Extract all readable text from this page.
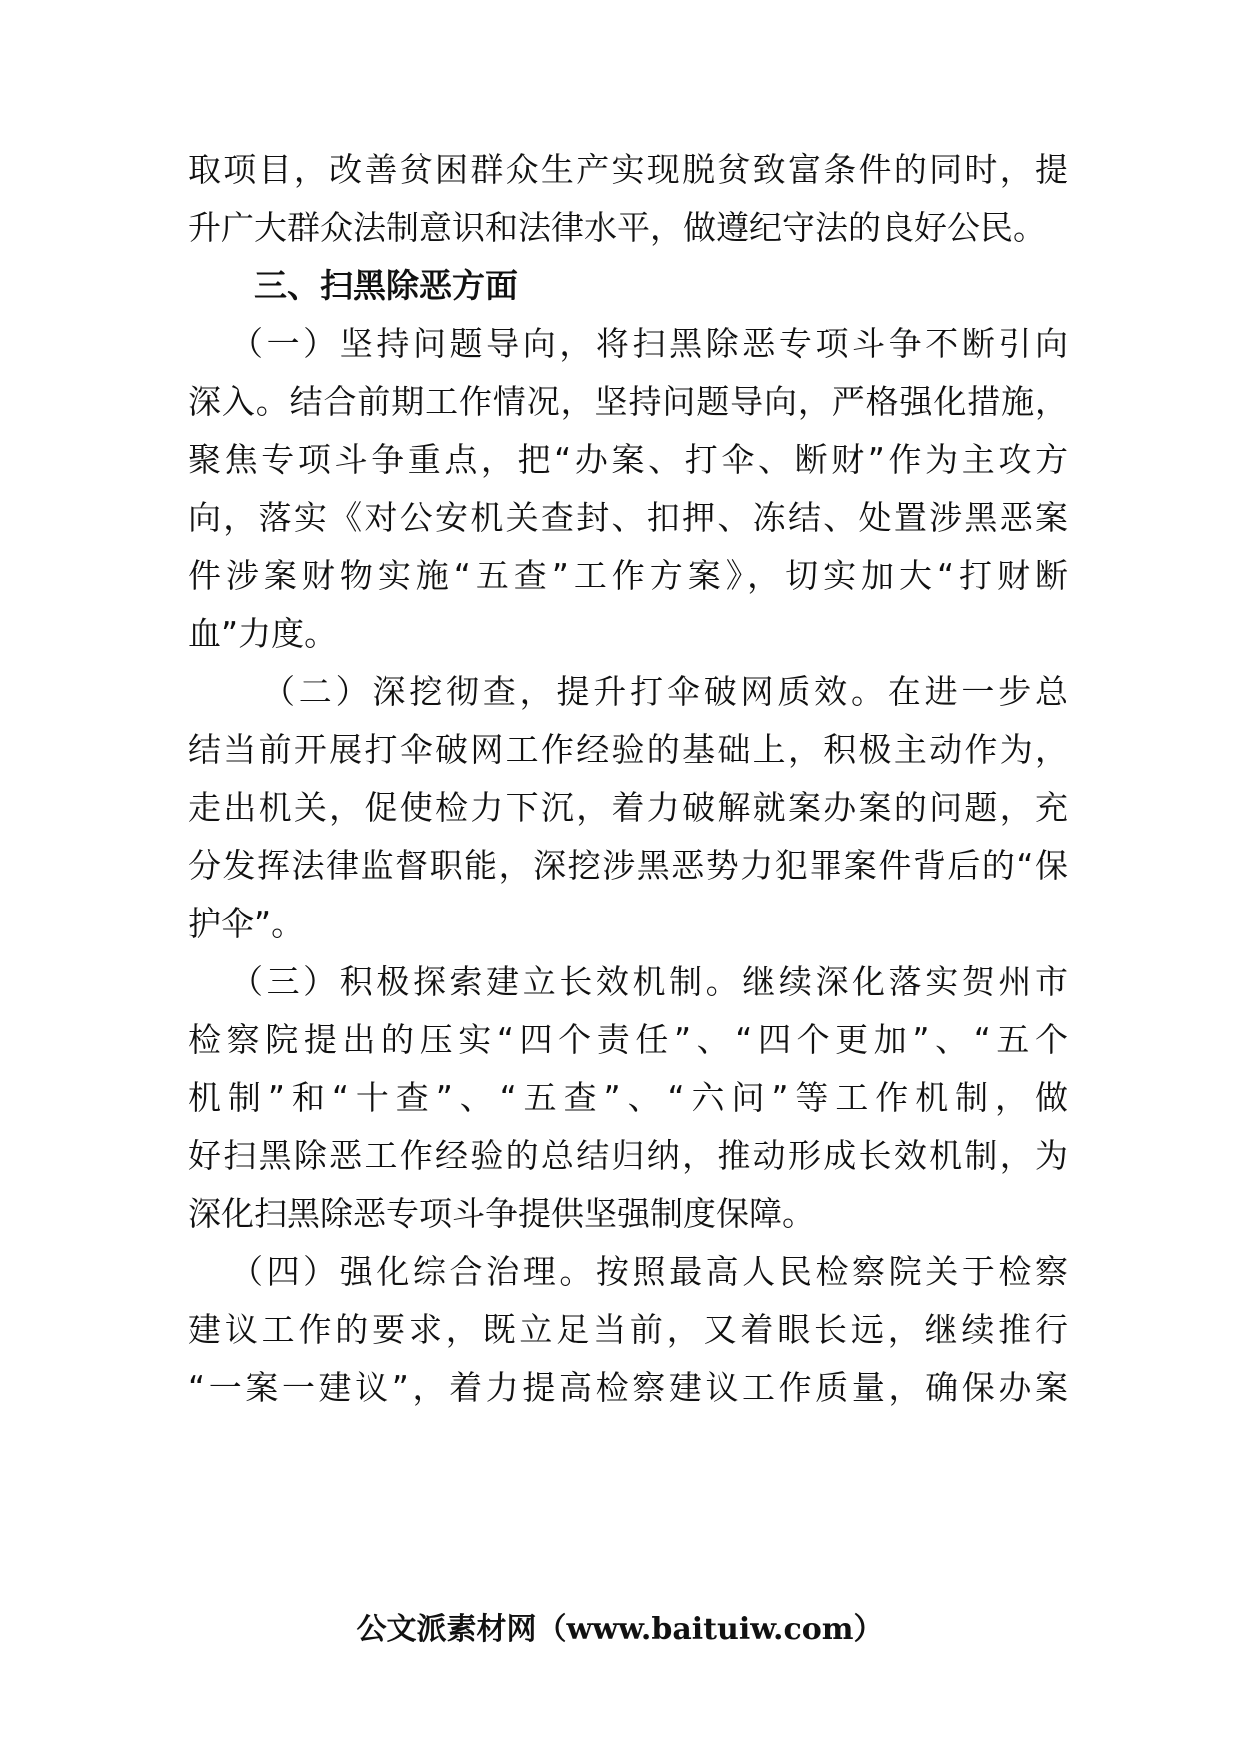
取项目，改善贫困群众生产实现脱贫致富条件的同时，提
升广大群众法制意识和法律水平，做遵纪守法的良好公民。
三、扫黑除恶方面
（一）坚持问题导向，将扫黑除恶专项斗争不断引向
深入。结合前期工作情况，坚持问题导向，严格强化措施，
聚焦专项斗争重点，把“办案、打伞、断财”作为主攻方
向，落实《对公安机关查封、扣押、冻结、处置涉黑恶案
件涉案财物实施“五查”工作方案》，切实加大“打财断
血”力度。
（二）深挖彻查，提升打伞破网质效。在进一步总
结当前开展打伞破网工作经验的基础上，积极主动作为，
走出机关，促使检力下沉，着力破解就案办案的问题，充
分发挥法律监督职能，深挖涉黑恶势力犯罪案件背后的“保
护伞”。
（三）积极探索建立长效机制。继续深化落实贺州市
检察院提出的压实“四个责任”、“四个更加”、“五个
机制”和“十查”、“五查”、“六问”等工作机制，做
好扫黑除恶工作经验的总结归纳，推动形成长效机制，为
深化扫黑除恶专项斗争提供坚强制度保障。
（四）强化综合治理。按照最高人民检察院关于检察
建议工作的要求，既立足当前，又着眼长远，继续推行
“一案一建议”，着力提高检察建议工作质量，确保办案
公文派素材网（www.baituiw.com）
